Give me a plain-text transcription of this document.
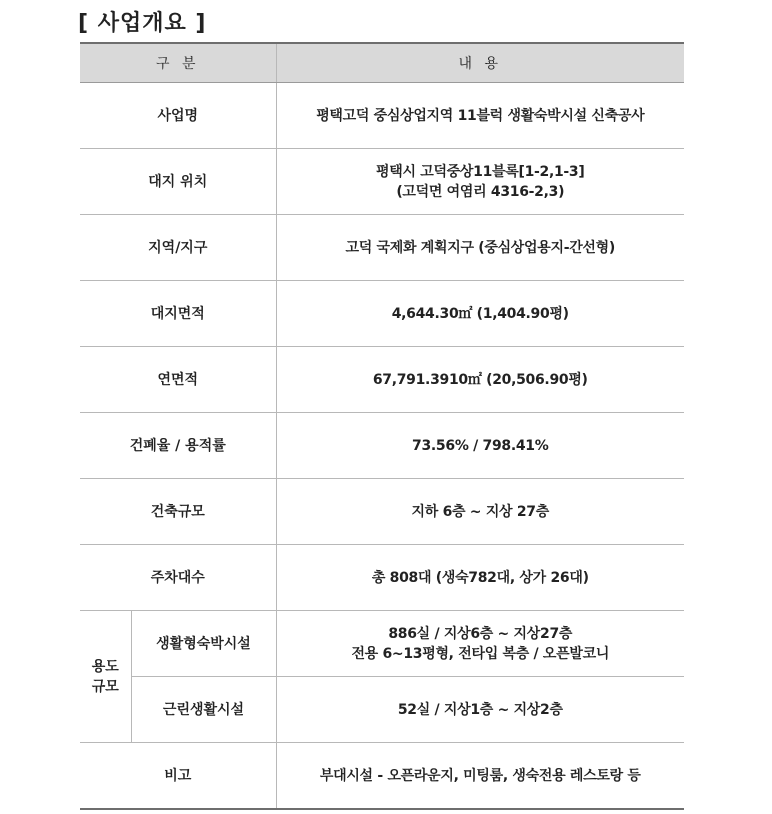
[ 사업개요 ]
구 분		내 용
사업명		평택고덕 중심상업지역 11블럭 생활숙박시설 신축공사
대지 위치		평택시 고덕중상11블록[1-2,1-3]
(고덕면 여염리 4316-2,3)

지역/지구		고덕 국제화 계획지구 (중심상업용지-간선형)
대지면적		4,644.30㎡ (1,404.90평)
연면적		67,791.3910㎡ (20,506.90평)
건폐율 / 용적률		73.56% / 798.41%
건축규모		지하 6층 ~ 지상 27층
주차대수		총 808대 (생숙782대, 상가 26대)

용도
규모	생활형숙박시설	886실 / 지상6층 ~ 지상27층
전용 6~13평형, 전타입 복층 / 오픈발코니

	근린생활시설	52실 / 지상1층 ~ 지상2층
비고		부대시설 - 오픈라운지, 미팅룸, 생숙전용 레스토랑 등
